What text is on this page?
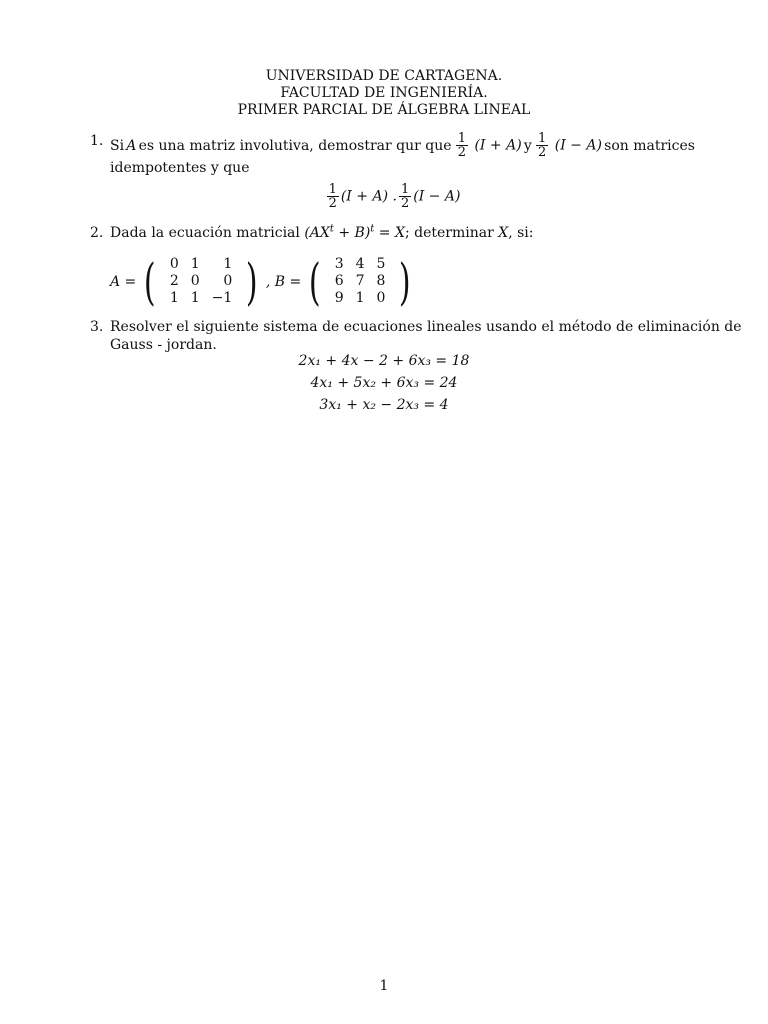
UNIVERSIDAD DE CARTAGENA.
FACULTAD DE INGENIERÍA.
PRIMER PARCIAL DE ÁLGEBRA LINEAL
1. Si A es una matriz involutiva, demostrar qur que $\frac{1}{2} (I + A)$ y $\frac{1}{2} (I - A)$ son matrices
idempotentes y que
$\frac{1}{2} (I + A)$ . $\frac{1}{2} (I - A)$
2. Dada la ecuación matricial $(AX^t + B)^t = X$; determinar X, si:
A = ( 0	1	1
2	0	0
1	1	−1 ) , B = ( 3	4	5
6	7	8
9	1	0 )
3. Resolver el siguiente sistema de ecuaciones lineales usando el método de eliminación de
Gauss - jordan.
2x₁ + 4x − 2 + 6x₃ = 18
4x₁ + 5x₂ + 6x₃ = 24
3x₁ + x₂ − 2x₃ = 4
1
